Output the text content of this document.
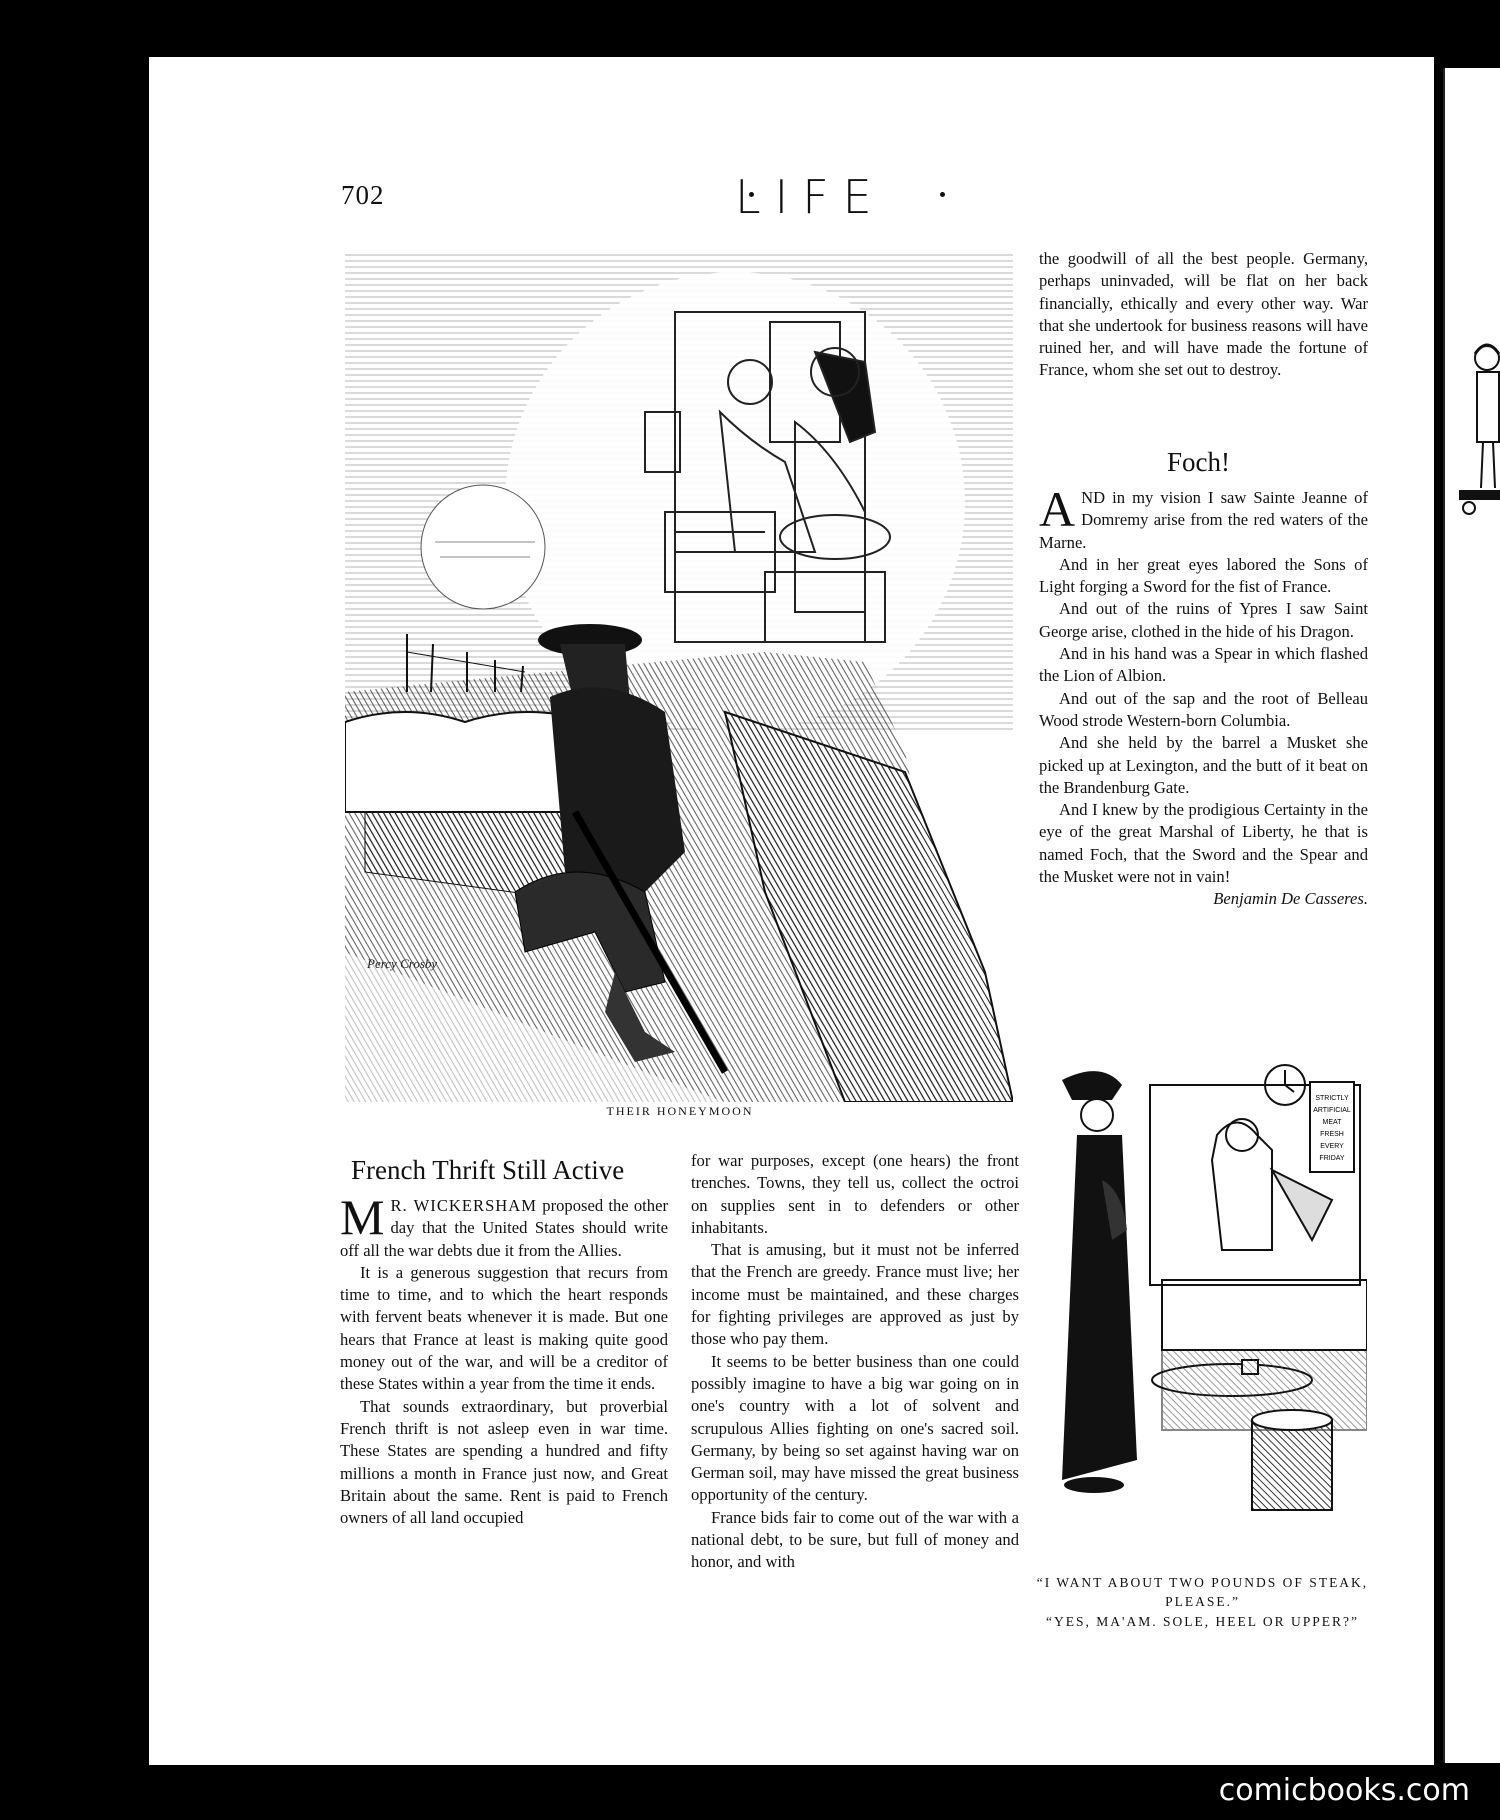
702	LIFE
Percy Crosby
THEIR HONEYMOON

the goodwill of all the best people. Germany, perhaps uninvaded, will be flat on her back financially, ethically and every other way. War that she undertook for business reasons will have ruined her, and will have made the fortune of France, whom she set out to destroy.

Foch!

AND in my vision I saw Sainte Jeanne of Domremy arise from the red waters of the Marne.

And in her great eyes labored the Sons of Light forging a Sword for the fist of France.

And out of the ruins of Ypres I saw Saint George arise, clothed in the hide of his Dragon.

And in his hand was a Spear in which flashed the Lion of Albion.

And out of the sap and the root of Belleau Wood strode Western-born Columbia.

And she held by the barrel a Musket she picked up at Lexington, and the butt of it beat on the Brandenburg Gate.

And I knew by the prodigious Certainty in the eye of the great Marshal of Liberty, he that is named Foch, that the Sword and the Spear and the Musket were not in vain!

Benjamin De Casseres.

French Thrift Still Active

M R. WICKERSHAM proposed the other day that the United States should write off all the war debts due it from the Allies.

It is a generous suggestion that recurs from time to time, and to which the heart responds with fervent beats whenever it is made. But one hears that France at least is making quite good money out of the war, and will be a creditor of these States within a year from the time it ends.

That sounds extraordinary, but proverbial French thrift is not asleep even in war time. These States are spending a hundred and fifty millions a month in France just now, and Great Britain about the same. Rent is paid to French owners of all land occupied

for war purposes, except (one hears) the front trenches. Towns, they tell us, collect the octroi on supplies sent in to defenders or other inhabitants.

That is amusing, but it must not be inferred that the French are greedy. France must live; her income must be maintained, and these charges for fighting privileges are approved as just by those who pay them.

It seems to be better business than one could possibly imagine to have a big war going on in one's country with a lot of solvent and scrupulous Allies fighting on one's sacred soil. Germany, by being so set against having war on German soil, may have missed the great business opportunity of the century.

France bids fair to come out of the war with a national debt, to be sure, but full of money and honor, and with

STRICTLY
ARTIFICIAL
MEAT
FRESH
EVERY
FRIDAY
“I WANT ABOUT TWO POUNDS OF STEAK, PLEASE.”
“YES, MA'AM. SOLE, HEEL OR UPPER?”
comicbooks.com
